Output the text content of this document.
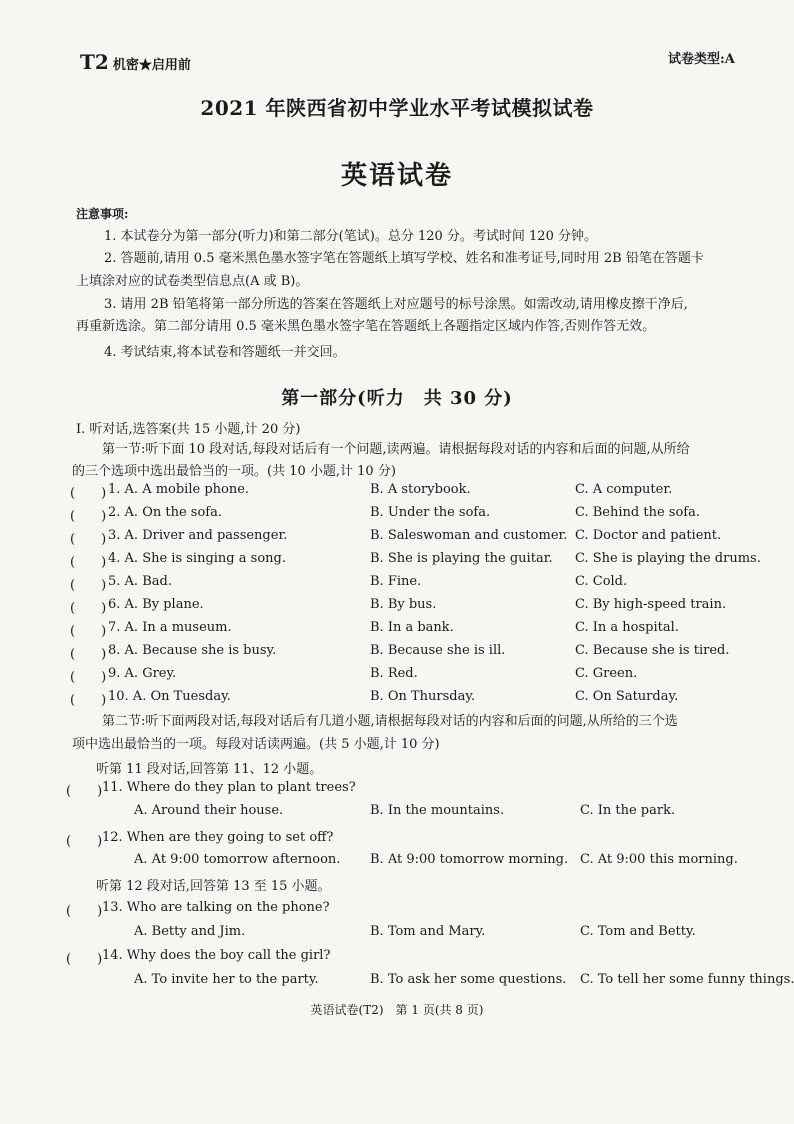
T2 机密★启用前	试卷类型:A
2021 年陕西省初中学业水平考试模拟试卷
英语试卷
注意事项:
1. 本试卷分为第一部分(听力)和第二部分(笔试)。总分 120 分。考试时间 120 分钟。
2. 答题前,请用 0.5 毫米黑色墨水签字笔在答题纸上填写学校、姓名和准考证号,同时用 2B 铅笔在答题卡
上填涂对应的试卷类型信息点(A 或 B)。
3. 请用 2B 铅笔将第一部分所选的答案在答题纸上对应题号的标号涂黑。如需改动,请用橡皮擦干净后,
再重新选涂。第二部分请用 0.5 毫米黑色墨水签字笔在答题纸上各题指定区域内作答,否则作答无效。
4. 考试结束,将本试卷和答题纸一并交回。
第一部分(听力　共 30 分)
Ⅰ. 听对话,选答案(共 15 小题,计 20 分)
第一节:听下面 10 段对话,每段对话后有一个问题,读两遍。请根据每段对话的内容和后面的问题,从所给
的三个选项中选出最恰当的一项。(共 10 小题,计 10 分)
(　　) 1. A. A mobile phone.	B. A storybook.	C. A computer.
(　　) 2. A. On the sofa.	B. Under the sofa.	C. Behind the sofa.
(　　) 3. A. Driver and passenger.	B. Saleswoman and customer. C. Doctor and patient.
(　　) 4. A. She is singing a song.	B. She is playing the guitar. C. She is playing the drums.
(　　) 5. A. Bad.	B. Fine.	C. Cold.
(　　) 6. A. By plane.	B. By bus.	C. By high-speed train.
(　　) 7. A. In a museum.	B. In a bank.	C. In a hospital.
(　　) 8. A. Because she is busy.	B. Because she is ill.	C. Because she is tired.
(　　) 9. A. Grey.	B. Red.	C. Green.
(　　) 10. A. On Tuesday.	B. On Thursday.	C. On Saturday.
第二节:听下面两段对话,每段对话后有几道小题,请根据每段对话的内容和后面的问题,从所给的三个选
项中选出最恰当的一项。每段对话读两遍。(共 5 小题,计 10 分)
听第 11 段对话,回答第 11、12 小题。
(　　) 11. Where do they plan to plant trees?
A. Around their house.	B. In the mountains.	C. In the park.
(　　) 12. When are they going to set off?
A. At 9:00 tomorrow afternoon. B. At 9:00 tomorrow morning. C. At 9:00 this morning.
(　　) 13. Who are talking on the phone?
A. Betty and Jim.	B. Tom and Mary.	C. Tom and Betty.
(　　) 14. Why does the boy call the girl?
A. To invite her to the party.	B. To ask her some questions. C. To tell her some funny things.
听第 12 段对话,回答第 13 至 15 小题。
英语试卷(T2)　第 1 页(共 8 页)
